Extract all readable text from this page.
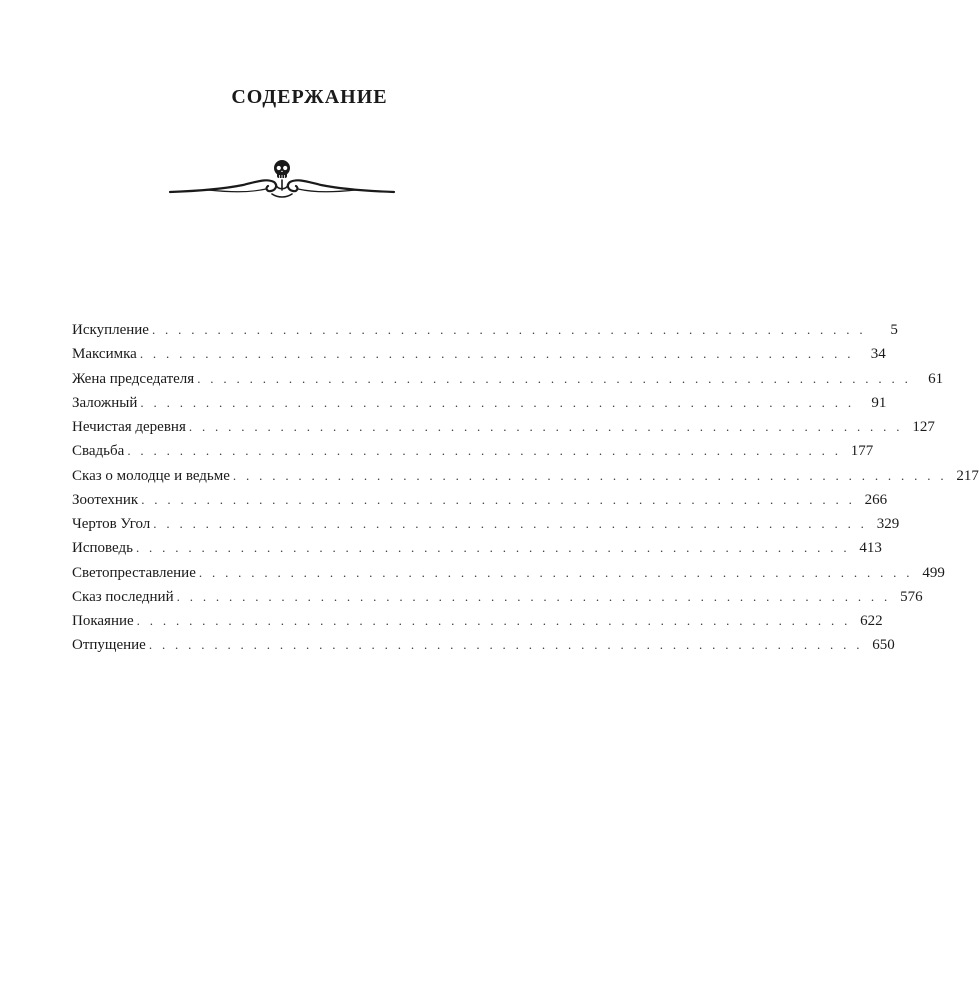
СОДЕРЖАНИЕ
Искупление . . . . . . . . . . . . . . . . . . . . . . . . . . . . . . . . . . . . . . . . . . . . . . . . . . . . . . .	5
Максимка . . . . . . . . . . . . . . . . . . . . . . . . . . . . . . . . . . . . . . . . . . . . . . . . . . . . . . .	34
Жена председателя . . . . . . . . . . . . . . . . . . . . . . . . . . . . . . . . . . . . . . . . . . . . . . . . . . . . . . .	61
Заложный . . . . . . . . . . . . . . . . . . . . . . . . . . . . . . . . . . . . . . . . . . . . . . . . . . . . . . .	91
Нечистая деревня . . . . . . . . . . . . . . . . . . . . . . . . . . . . . . . . . . . . . . . . . . . . . . . . . . . . . . . 127
Свадьба . . . . . . . . . . . . . . . . . . . . . . . . . . . . . . . . . . . . . . . . . . . . . . . . . . . . . . . 177
Сказ о молодце и ведьме . . . . . . . . . . . . . . . . . . . . . . . . . . . . . . . . . . . . . . . . . . . . . . . . . . . . . . . 217
Зоотехник . . . . . . . . . . . . . . . . . . . . . . . . . . . . . . . . . . . . . . . . . . . . . . . . . . . . . . . 266
Чертов Угол . . . . . . . . . . . . . . . . . . . . . . . . . . . . . . . . . . . . . . . . . . . . . . . . . . . . . . . 329
Исповедь . . . . . . . . . . . . . . . . . . . . . . . . . . . . . . . . . . . . . . . . . . . . . . . . . . . . . . . 413
Светопреставление . . . . . . . . . . . . . . . . . . . . . . . . . . . . . . . . . . . . . . . . . . . . . . . . . . . . . . . 499
Сказ последний . . . . . . . . . . . . . . . . . . . . . . . . . . . . . . . . . . . . . . . . . . . . . . . . . . . . . . . 576
Покаяние . . . . . . . . . . . . . . . . . . . . . . . . . . . . . . . . . . . . . . . . . . . . . . . . . . . . . . . 622
Отпущение . . . . . . . . . . . . . . . . . . . . . . . . . . . . . . . . . . . . . . . . . . . . . . . . . . . . . . . 650
